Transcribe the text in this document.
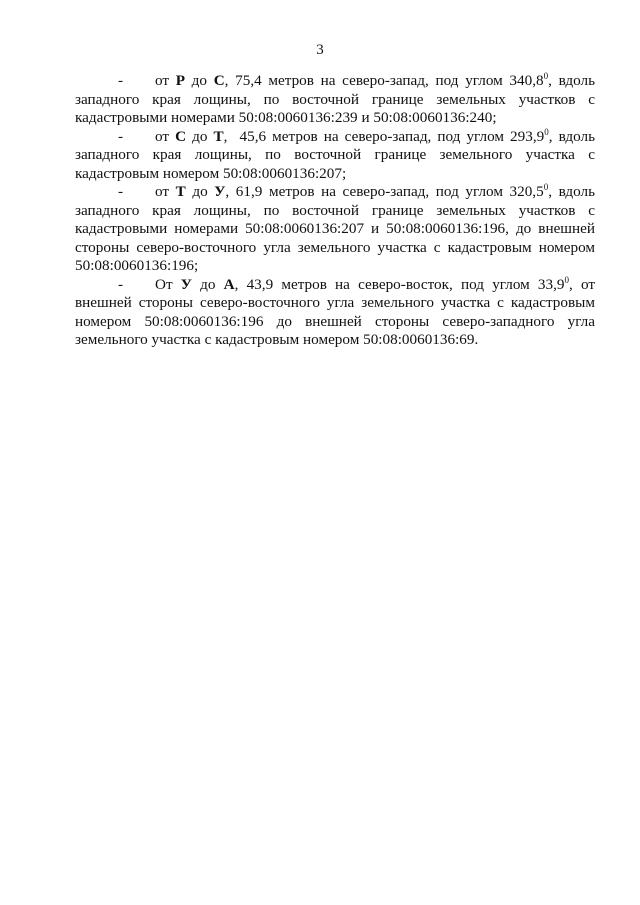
3

- от Р до С, 75,4 метров на северо-запад, под углом 340,8$^0$, вдоль западного края лощины, по восточной границе земельных участков с кадастровыми номерами 50:08:0060136:239 и 50:08:0060136:240;

- от С до Т,  45,6 метров на северо-запад, под углом 293,9$^0$, вдоль западного края лощины, по восточной границе земельного участка с кадастровым номером 50:08:0060136:207;

- от Т до У, 61,9 метров на северо-запад, под углом 320,5$^0$, вдоль западного края лощины, по восточной границе земельных участков с кадастровыми номерами 50:08:0060136:207 и 50:08:0060136:196, до внешней стороны северо-восточного угла земельного участка с кадастровым номером 50:08:0060136:196;

- От У до А, 43,9 метров на северо-восток, под углом 33,9$^0$, от внешней стороны северо-восточного угла земельного участка с кадастровым номером 50:08:0060136:196 до внешней стороны северо-западного угла земельного участка с кадастровым номером 50:08:0060136:69.
